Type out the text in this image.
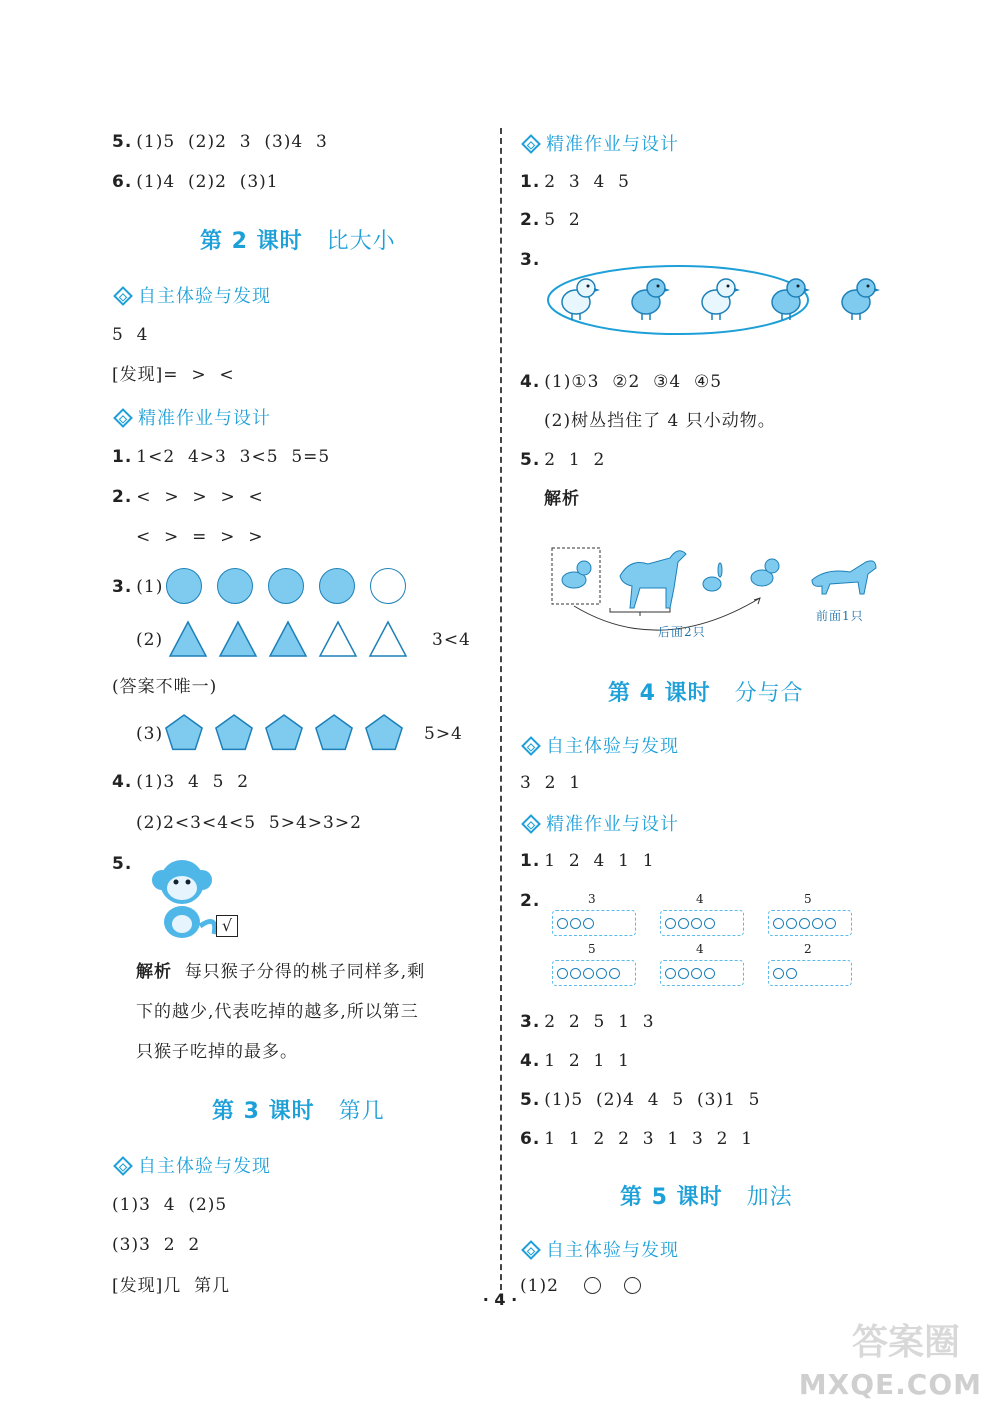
5. (1)5  (2)2  3  (3)4  3
6. (1)4  (2)2  (3)1
第 2 课时 比大小
自主体验与发现
5  4
[发现]=  >  <
精准作业与设计
1. 1<2  4>3  3<5  5=5
2. <  >  >  >  <
<  >  =  >  >
3. (1)
(2)	3<4
(答案不唯一)
(3)	5>4
4. (1)3  4  5  2
(2)2<3<4<5  5>4>3>2
5.
√
解析 每只猴子分得的桃子同样多,剩
下的越少,代表吃掉的越多,所以第三
只猴子吃掉的最多。
第 3 课时 第几
自主体验与发现
(1)3  4  (2)5
(3)3  2  2
[发现]几  第几
精准作业与设计
1. 2  3  4  5
2. 5  2
3.
4. (1)①3  ②2  ③4  ④5
(2)树丛挡住了 4 只小动物。
5. 2  1  2
解析
后面2只
前面1只
第 4 课时 分与合
自主体验与发现
3  2  1
精准作业与设计
1. 1  2  4  1  1
2.	3	4	5
5	4	2
3. 2  2  5  1  3
4. 1  2  1  1
5. (1)5  (2)4  4  5  (3)1  5
6. 1  1  2  2  3  1  3  2  1
第 5 课时 加法
自主体验与发现
(1)2
· 4 ·
答案圈
MXQE.COM
